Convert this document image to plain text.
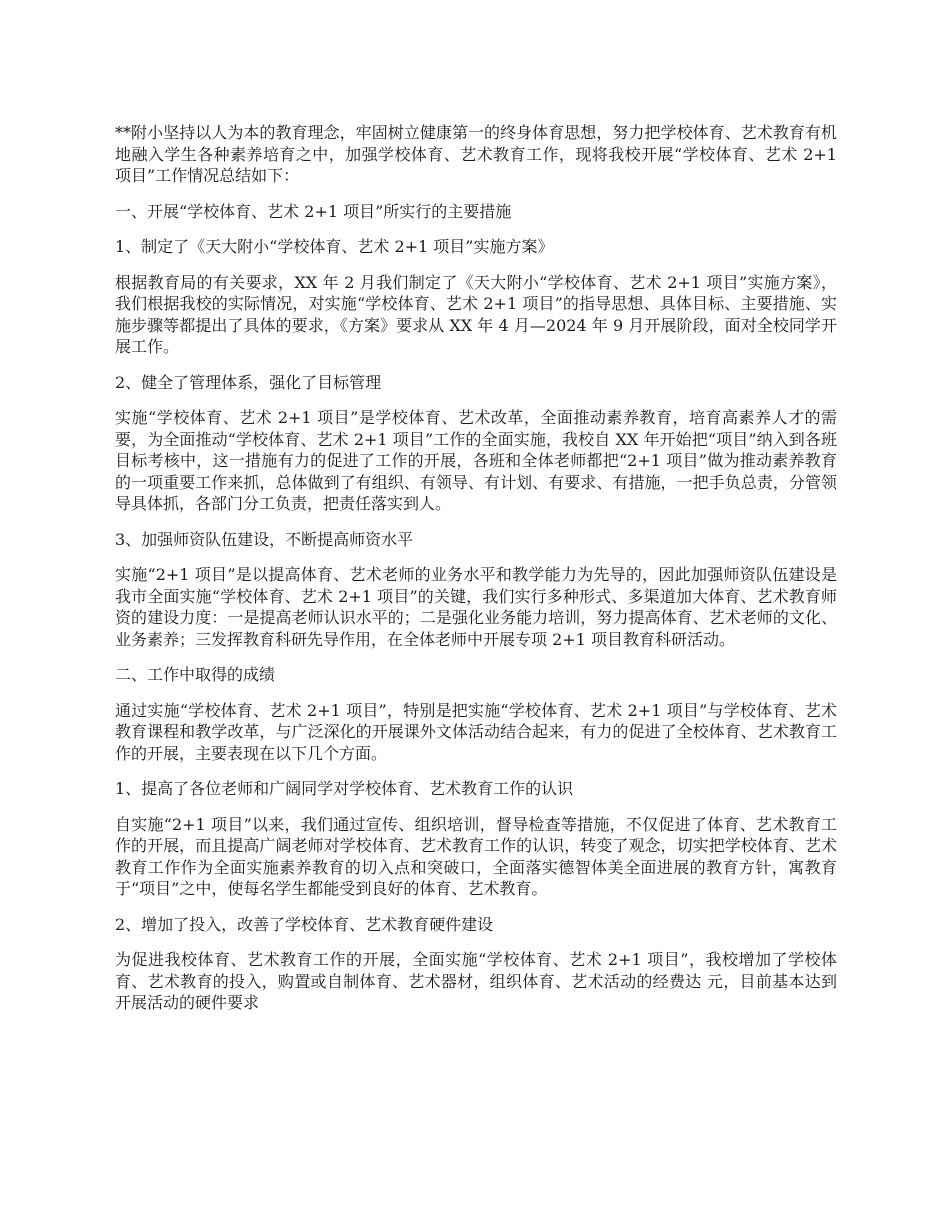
**附小坚持以人为本的教育理念，牢固树立健康第一的终身体育思想，努力把学校体育、艺术教育有机地融入学生各种素养培育之中，加强学校体育、艺术教育工作，现将我校开展“学校体育、艺术 2+1 项目”工作情况总结如下：

一、开展“学校体育、艺术 2+1 项目”所实行的主要措施

1、制定了《天大附小“学校体育、艺术 2+1 项目”实施方案》

根据教育局的有关要求，XX 年 2 月我们制定了《天大附小“学校体育、艺术 2+1 项目”实施方案》，我们根据我校的实际情况，对实施“学校体育、艺术 2+1 项目”的指导思想、具体目标、主要措施、实施步骤等都提出了具体的要求，《方案》要求从 XX 年 4 月—2024 年 9 月开展阶段，面对全校同学开展工作。

2、健全了管理体系，强化了目标管理

实施“学校体育、艺术 2+1 项目”是学校体育、艺术改革，全面推动素养教育，培育高素养人才的需要，为全面推动“学校体育、艺术 2+1 项目”工作的全面实施，我校自 XX 年开始把“项目”纳入到各班目标考核中，这一措施有力的促进了工作的开展，各班和全体老师都把“2+1 项目”做为推动素养教育的一项重要工作来抓，总体做到了有组织、有领导、有计划、有要求、有措施，一把手负总责，分管领导具体抓，各部门分工负责，把责任落实到人。

3、加强师资队伍建设，不断提高师资水平

实施“2+1 项目”是以提高体育、艺术老师的业务水平和教学能力为先导的，因此加强师资队伍建设是我市全面实施“学校体育、艺术 2+1 项目”的关键，我们实行多种形式、多渠道加大体育、艺术教育师资的建设力度：一是提高老师认识水平的；二是强化业务能力培训，努力提高体育、艺术老师的文化、业务素养；三发挥教育科研先导作用，在全体老师中开展专项 2+1 项目教育科研活动。

二、工作中取得的成绩

通过实施“学校体育、艺术 2+1 项目”，特别是把实施“学校体育、艺术 2+1 项目”与学校体育、艺术教育课程和教学改革，与广泛深化的开展课外文体活动结合起来，有力的促进了全校体育、艺术教育工作的开展，主要表现在以下几个方面。

1、提高了各位老师和广阔同学对学校体育、艺术教育工作的认识

自实施“2+1 项目”以来，我们通过宣传、组织培训，督导检查等措施，不仅促进了体育、艺术教育工作的开展，而且提高广阔老师对学校体育、艺术教育工作的认识，转变了观念，切实把学校体育、艺术教育工作作为全面实施素养教育的切入点和突破口，全面落实德智体美全面进展的教育方针，寓教育于“项目”之中，使每名学生都能受到良好的体育、艺术教育。

2、增加了投入，改善了学校体育、艺术教育硬件建设

为促进我校体育、艺术教育工作的开展，全面实施“学校体育、艺术 2+1 项目”，我校增加了学校体育、艺术教育的投入，购置或自制体育、艺术器材，组织体育、艺术活动的经费达 元，目前基本达到开展活动的硬件要求
